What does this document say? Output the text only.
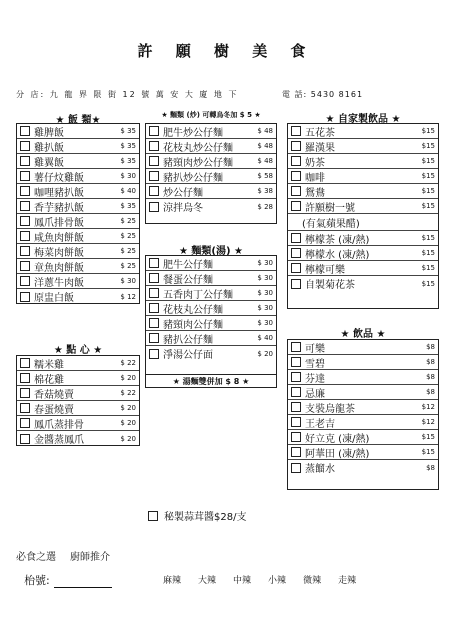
許 願 樹 美 食
分 店: 九 龍 界 限 街 12 號 萬 安 大 廈 地 下	電 話: 5430 8161
★ 飯 類★
雞脾飯	$ 35
雞扒飯	$ 35
雞翼飯	$ 35
薯仔炆雞飯	$ 30
咖哩豬扒飯	$ 40
香芋豬扒飯	$ 35
鳳爪排骨飯	$ 25
咸魚肉餅飯	$ 25
梅菜肉餅飯	$ 25
章魚肉餅飯	$ 25
洋蔥牛肉飯	$ 30
原盅白飯	$ 12
★ 點 心 ★
糯米雞	$ 22
棉花雞	$ 20
香菇燒賣	$ 22
春蛋燒賣	$ 20
鳳爪蒸排骨	$ 20
金醬蒸鳳爪	$ 20
★ 麵類 (炒) 可轉烏冬加 $ 5 ★
肥牛炒公仔麵	$ 48
花枝丸炒公仔麵	$ 48
豬頸肉炒公仔麵	$ 48
豬扒炒公仔麵	$ 58
炒公仔麵	$ 38
涼拌烏冬	$ 28
★ 麵類(湯) ★
肥牛公仔麵	$ 30
餐蛋公仔麵	$ 30
五香肉丁公仔麵	$ 30
花枝丸公仔麵	$ 30
豬頸肉公仔麵	$ 30
豬扒公仔麵	$ 40
淨湯公仔面	$ 20
★ 湯麵雙併加 $ 8 ★
★ 自家製飲品 ★
五花茶	$15
羅漢果	$15
奶茶	$15
咖啡	$15
鴛鴦	$15
許願樹一號	$15
(有氣蘋果醋)
檸檬茶 (凍/熱)	$15
檸檬水 (凍/熱)	$15
檸檬可樂	$15
自製菊花茶	$15
★ 飲品 ★
可樂	$8
雪碧	$8
芬達	$8
忌廉	$8
支裝烏龍茶	$12
王老吉	$12
好立克 (凍/熱)	$15
阿華田 (凍/熱)	$15
蒸餾水	$8
秘製蒜茸醬$28/支
必食之選 廚師推介
枱號:	麻辣 大辣 中辣 小辣 微辣 走辣
